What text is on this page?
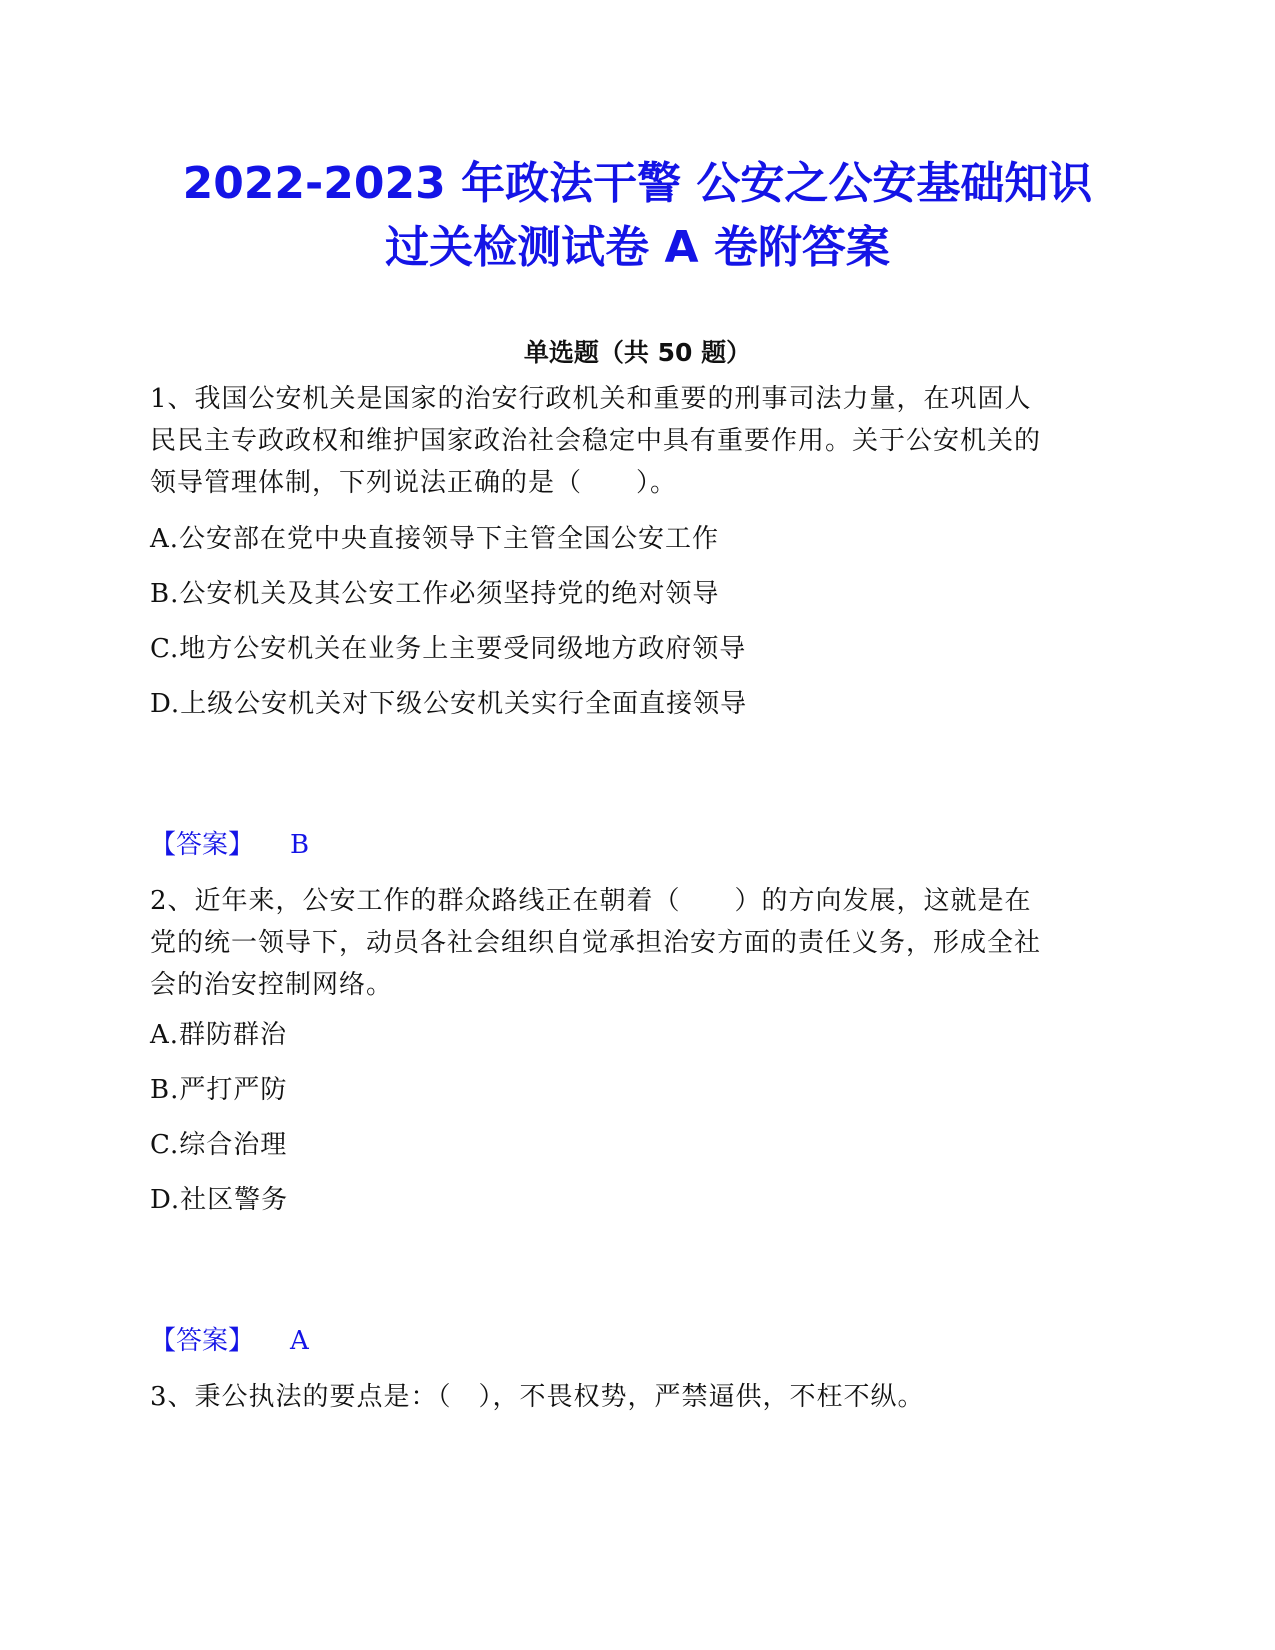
2022-2023 年政法干警 公安之公安基础知识
过关检测试卷 A 卷附答案
单选题（共 50 题）
1、我国公安机关是国家的治安行政机关和重要的刑事司法力量，在巩固人
民民主专政政权和维护国家政治社会稳定中具有重要作用。关于公安机关的
领导管理体制，下列说法正确的是（　　）。
A.公安部在党中央直接领导下主管全国公安工作
B.公安机关及其公安工作必须坚持党的绝对领导
C.地方公安机关在业务上主要受同级地方政府领导
D.上级公安机关对下级公安机关实行全面直接领导
【答案】 B
2、近年来，公安工作的群众路线正在朝着（　　）的方向发展，这就是在
党的统一领导下，动员各社会组织自觉承担治安方面的责任义务，形成全社
会的治安控制网络。
A.群防群治
B.严打严防
C.综合治理
D.社区警务
【答案】 A
3、秉公执法的要点是：（　），不畏权势，严禁逼供，不枉不纵。
